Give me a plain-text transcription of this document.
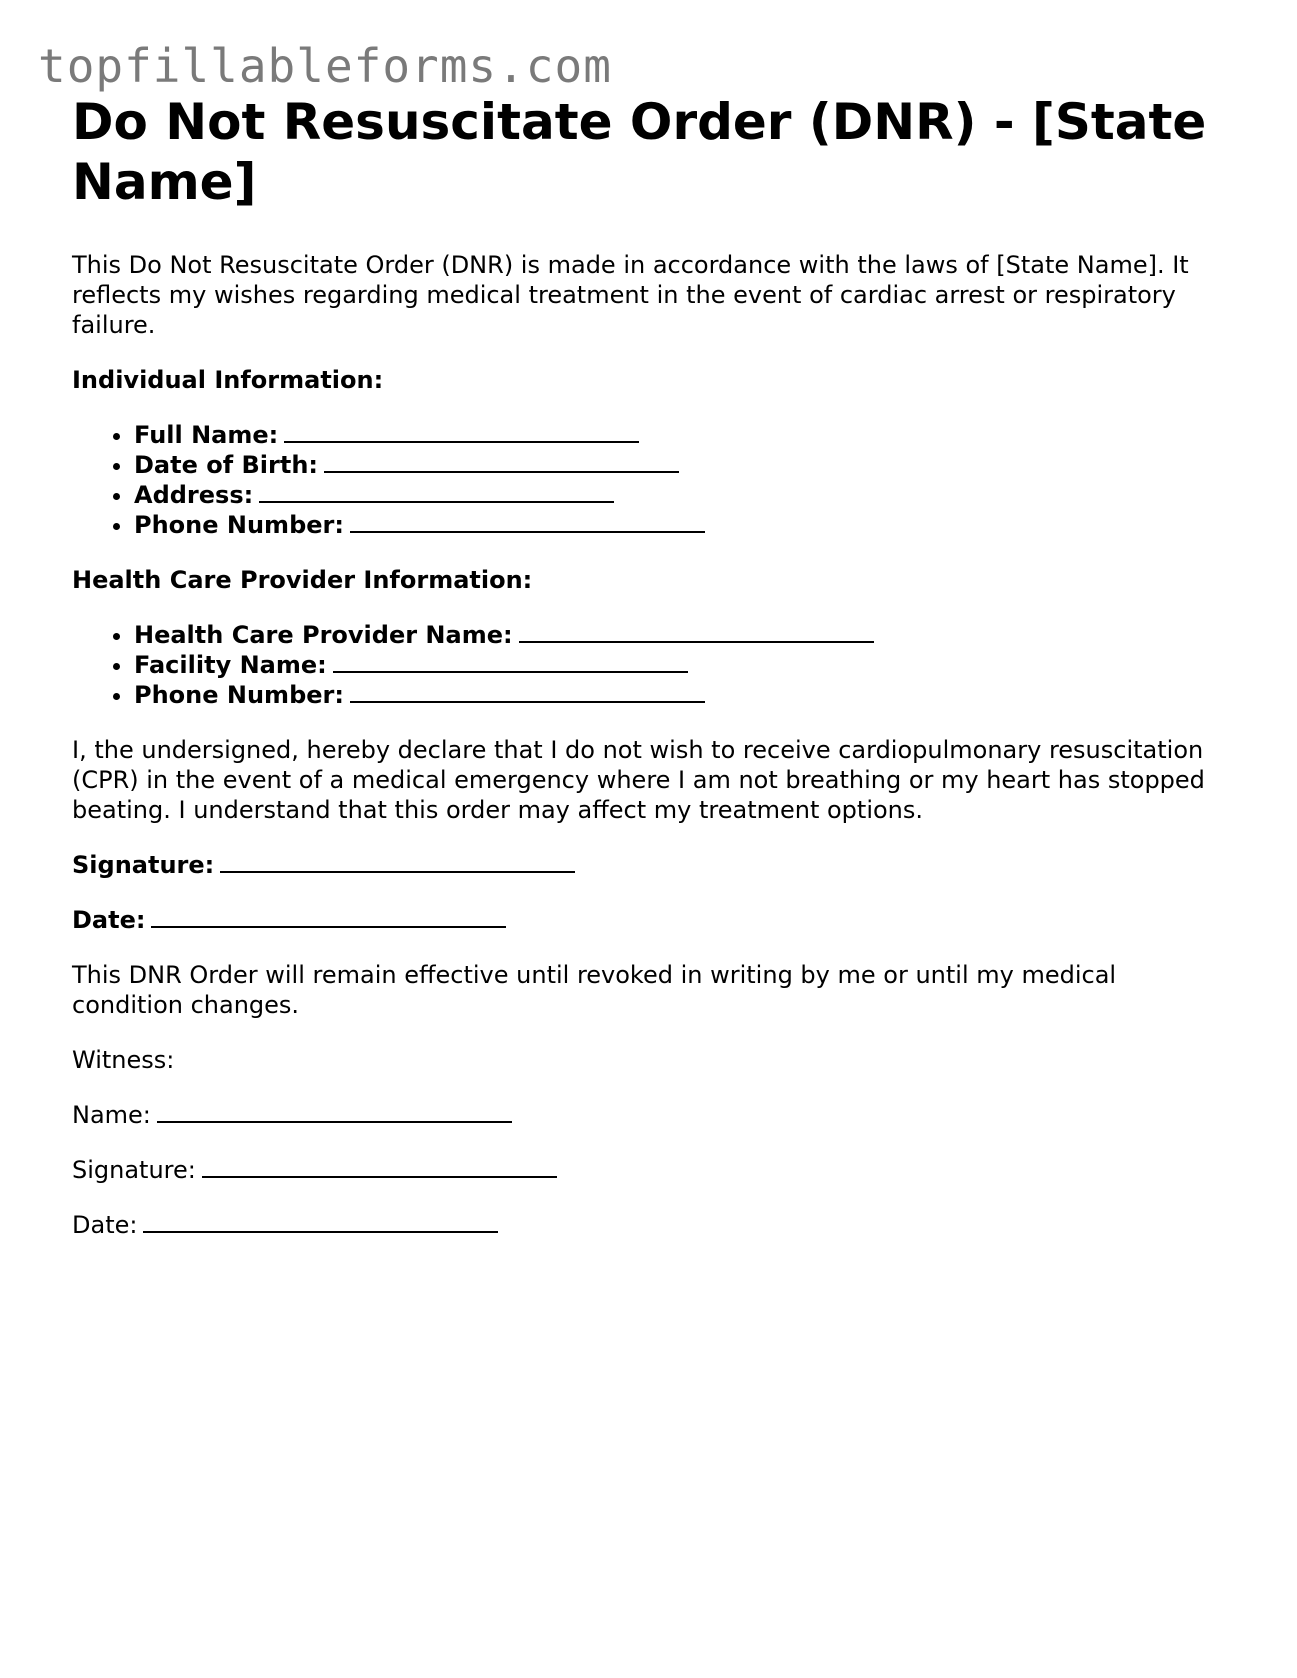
topfillableforms.com
Do Not Resuscitate Order (DNR) - [State Name]

This Do Not Resuscitate Order (DNR) is made in accordance with the laws of [State Name]. It reflects my wishes regarding medical treatment in the event of cardiac arrest or respiratory failure.

Individual Information:

• Full Name:
• Date of Birth:
• Address:
• Phone Number:

Health Care Provider Information:

• Health Care Provider Name:
• Facility Name:
• Phone Number:

I, the undersigned, hereby declare that I do not wish to receive cardiopulmonary resuscitation (CPR) in the event of a medical emergency where I am not breathing or my heart has stopped beating. I understand that this order may affect my treatment options.

Signature:

Date:

This DNR Order will remain effective until revoked in writing by me or until my medical condition changes.

Witness:

Name:

Signature:

Date:
